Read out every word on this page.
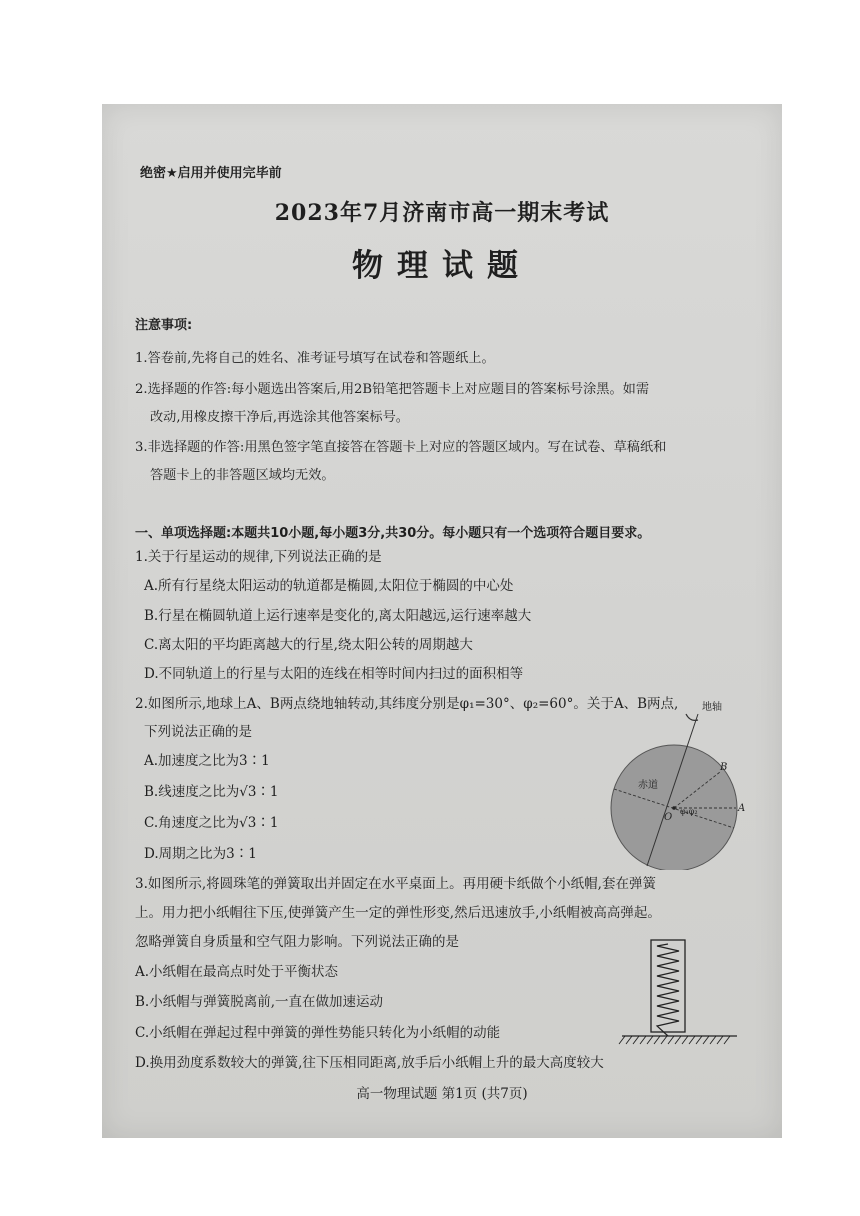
绝密★启用并使用完毕前
2023年7月济南市高一期末考试
物理试题
注意事项:
1.答卷前,先将自己的姓名、准考证号填写在试卷和答题纸上。
2.选择题的作答:每小题选出答案后,用2B铅笔把答题卡上对应题目的答案标号涂黑。如需
改动,用橡皮擦干净后,再选涂其他答案标号。
3.非选择题的作答:用黑色签字笔直接答在答题卡上对应的答题区域内。写在试卷、草稿纸和
答题卡上的非答题区域均无效。
一、单项选择题:本题共10小题,每小题3分,共30分。每小题只有一个选项符合题目要求。
1.关于行星运动的规律,下列说法正确的是
A.所有行星绕太阳运动的轨道都是椭圆,太阳位于椭圆的中心处
B.行星在椭圆轨道上运行速率是变化的,离太阳越远,运行速率越大
C.离太阳的平均距离越大的行星,绕太阳公转的周期越大
D.不同轨道上的行星与太阳的连线在相等时间内扫过的面积相等
2.如图所示,地球上A、B两点绕地轴转动,其纬度分别是φ₁=30°、φ₂=60°。关于A、B两点,
下列说法正确的是
A.加速度之比为3∶1
B.线速度之比为√3∶1
C.角速度之比为√3∶1
D.周期之比为3∶1
地轴
赤道
B
A
O
φ₁φ₂
3.如图所示,将圆珠笔的弹簧取出并固定在水平桌面上。再用硬卡纸做个小纸帽,套在弹簧
上。用力把小纸帽往下压,使弹簧产生一定的弹性形变,然后迅速放手,小纸帽被高高弹起。
忽略弹簧自身质量和空气阻力影响。下列说法正确的是
A.小纸帽在最高点时处于平衡状态
B.小纸帽与弹簧脱离前,一直在做加速运动
C.小纸帽在弹起过程中弹簧的弹性势能只转化为小纸帽的动能
D.换用劲度系数较大的弹簧,往下压相同距离,放手后小纸帽上升的最大高度较大
高一物理试题 第1页 (共7页)
